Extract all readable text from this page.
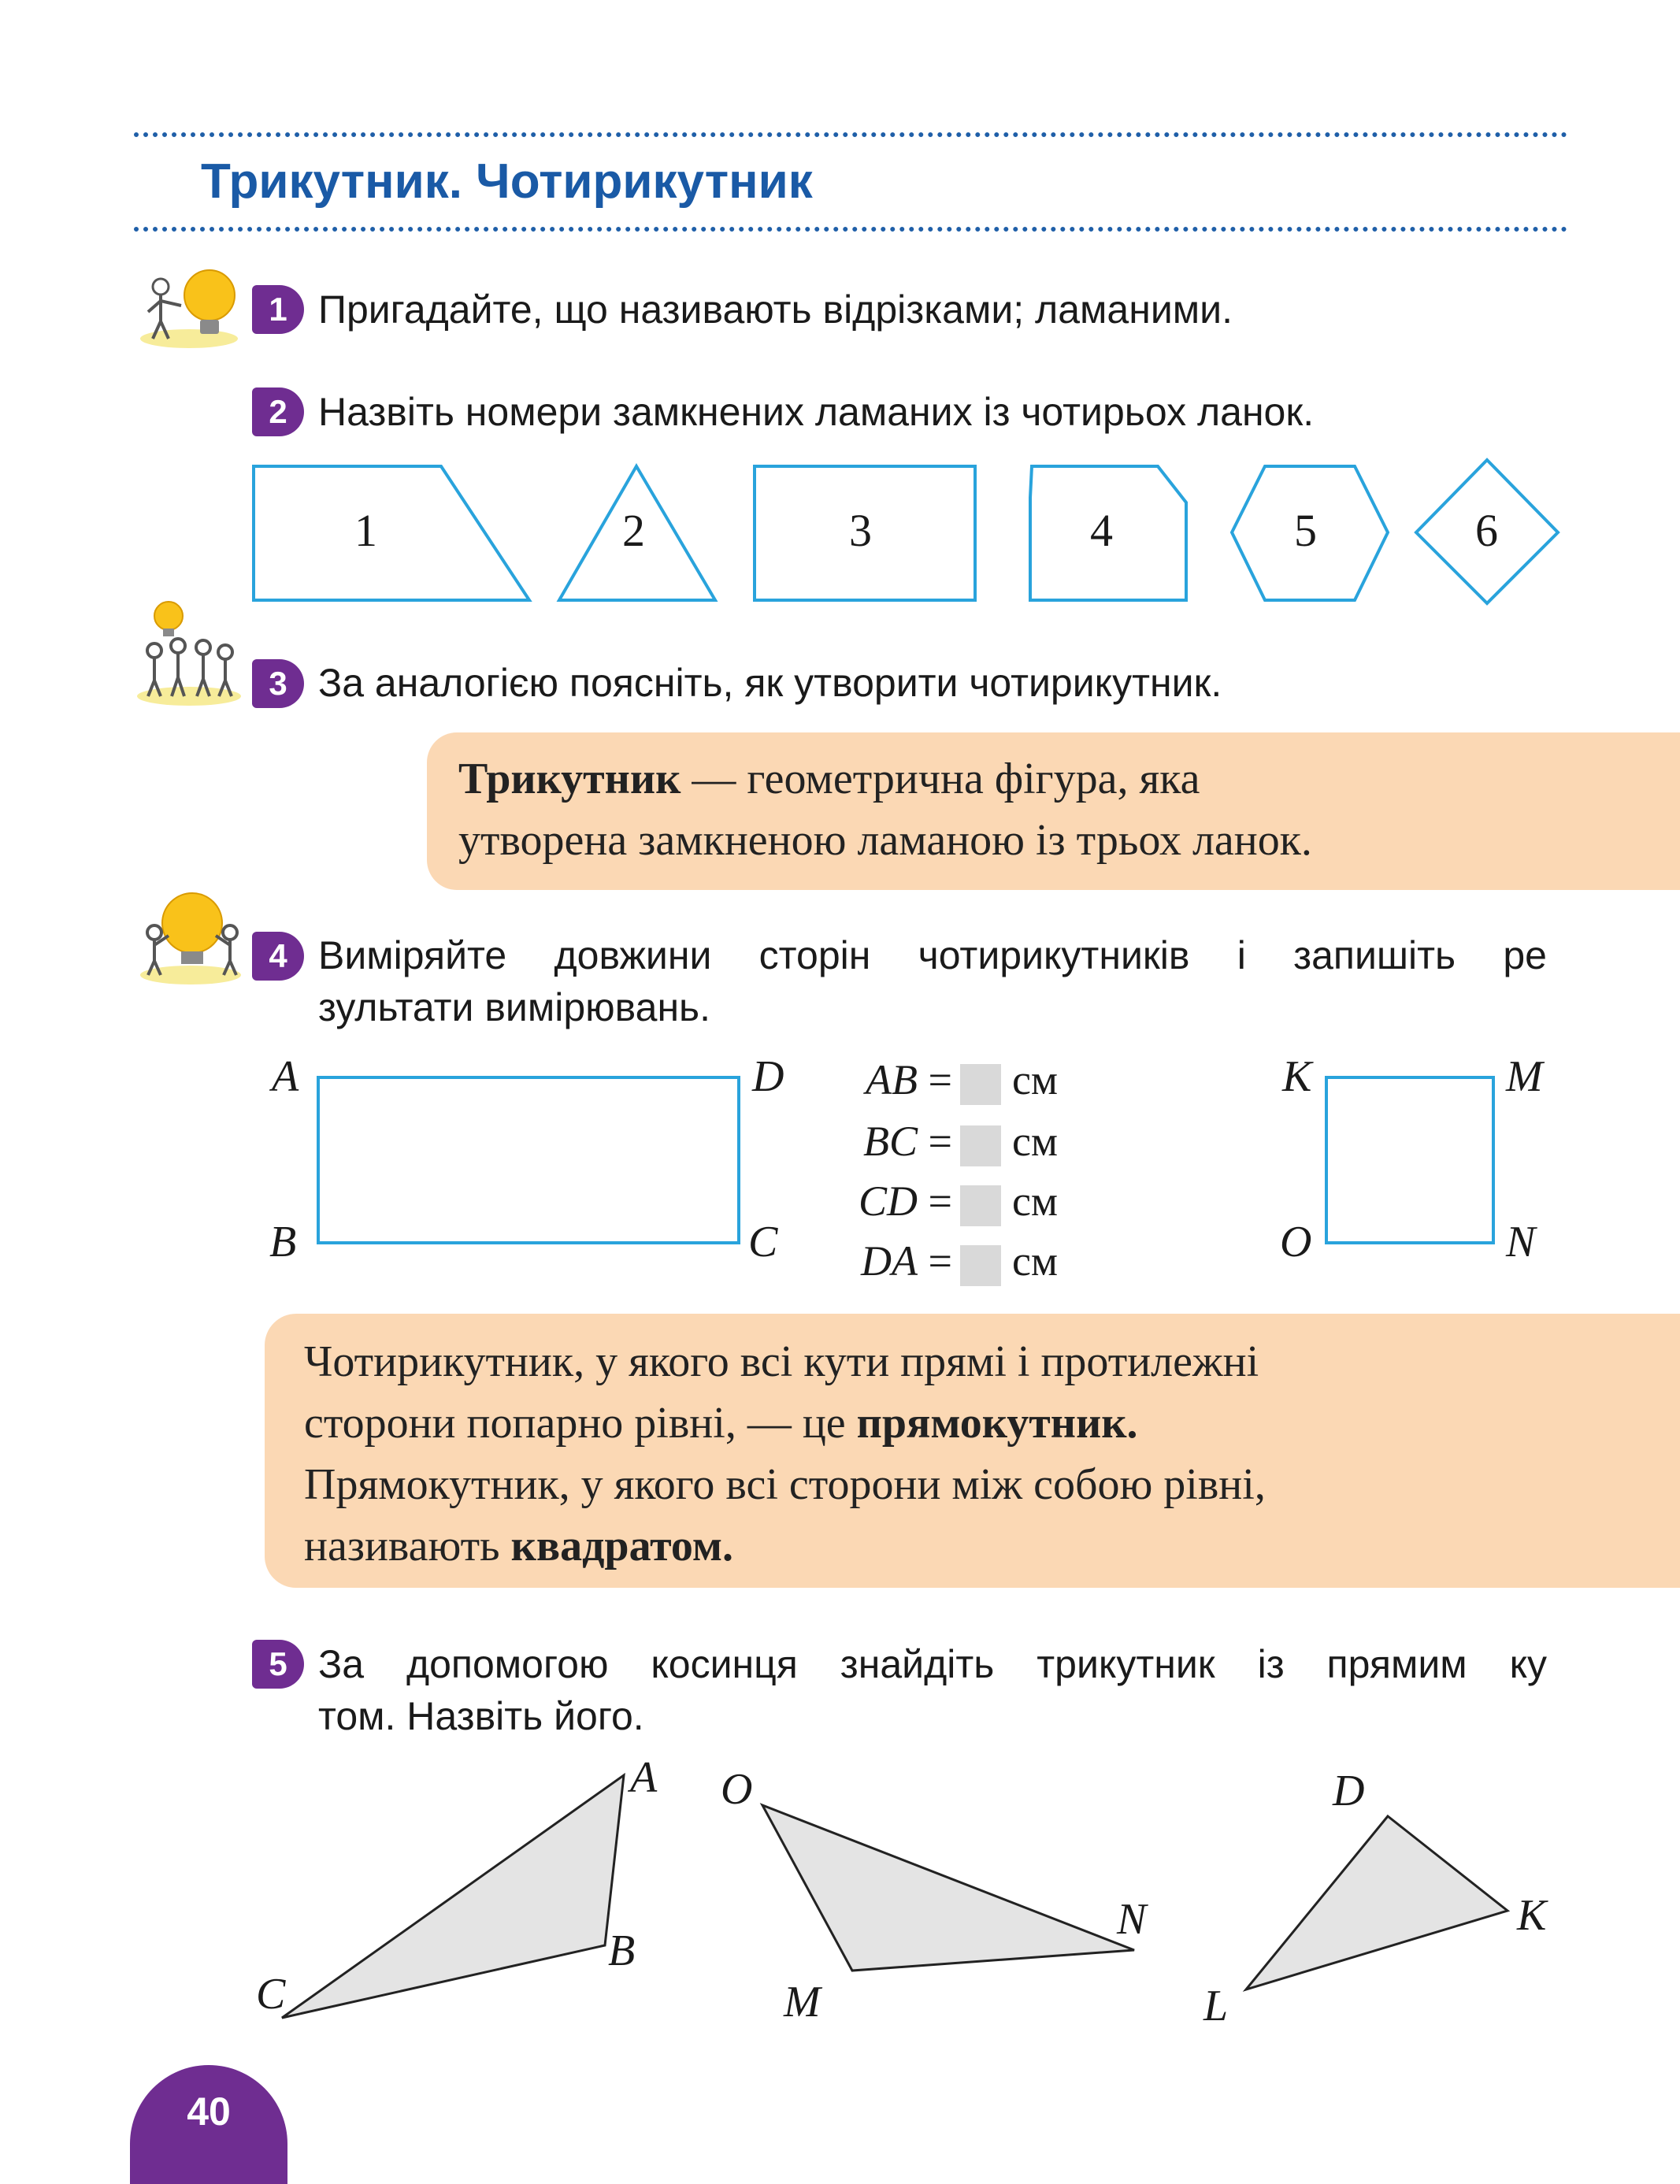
Трикутник. Чотирикутник
1 Пригадайте, що називають відрізками; ламаними.
2 Назвіть номери замкнених ламаних із чотирьох ланок.
1	2	3	4	5	6
3 За аналогією поясніть, як утворити чотирикутник.
Трикутник — геометрична фігура, яка
утворена замкненою ламаною із трьох ланок.
4 Виміряйте довжини сторін чотирикутників і запишіть ре
зультати вимірювань.
A	D
B	C
AB = см
BC = см
CD = см
DA = см
K	M
O	N
Чотирикутник, у якого всі кути прямі і протилежні
сторони попарно рівні, — це прямокутник.
Прямокутник, у якого всі сторони між собою рівні,
називають квадратом.
5 За допомогою косинця знайдіть трикутник із прямим ку
том. Назвіть його.
A
B
C
O
N
M
D
K
L
40
